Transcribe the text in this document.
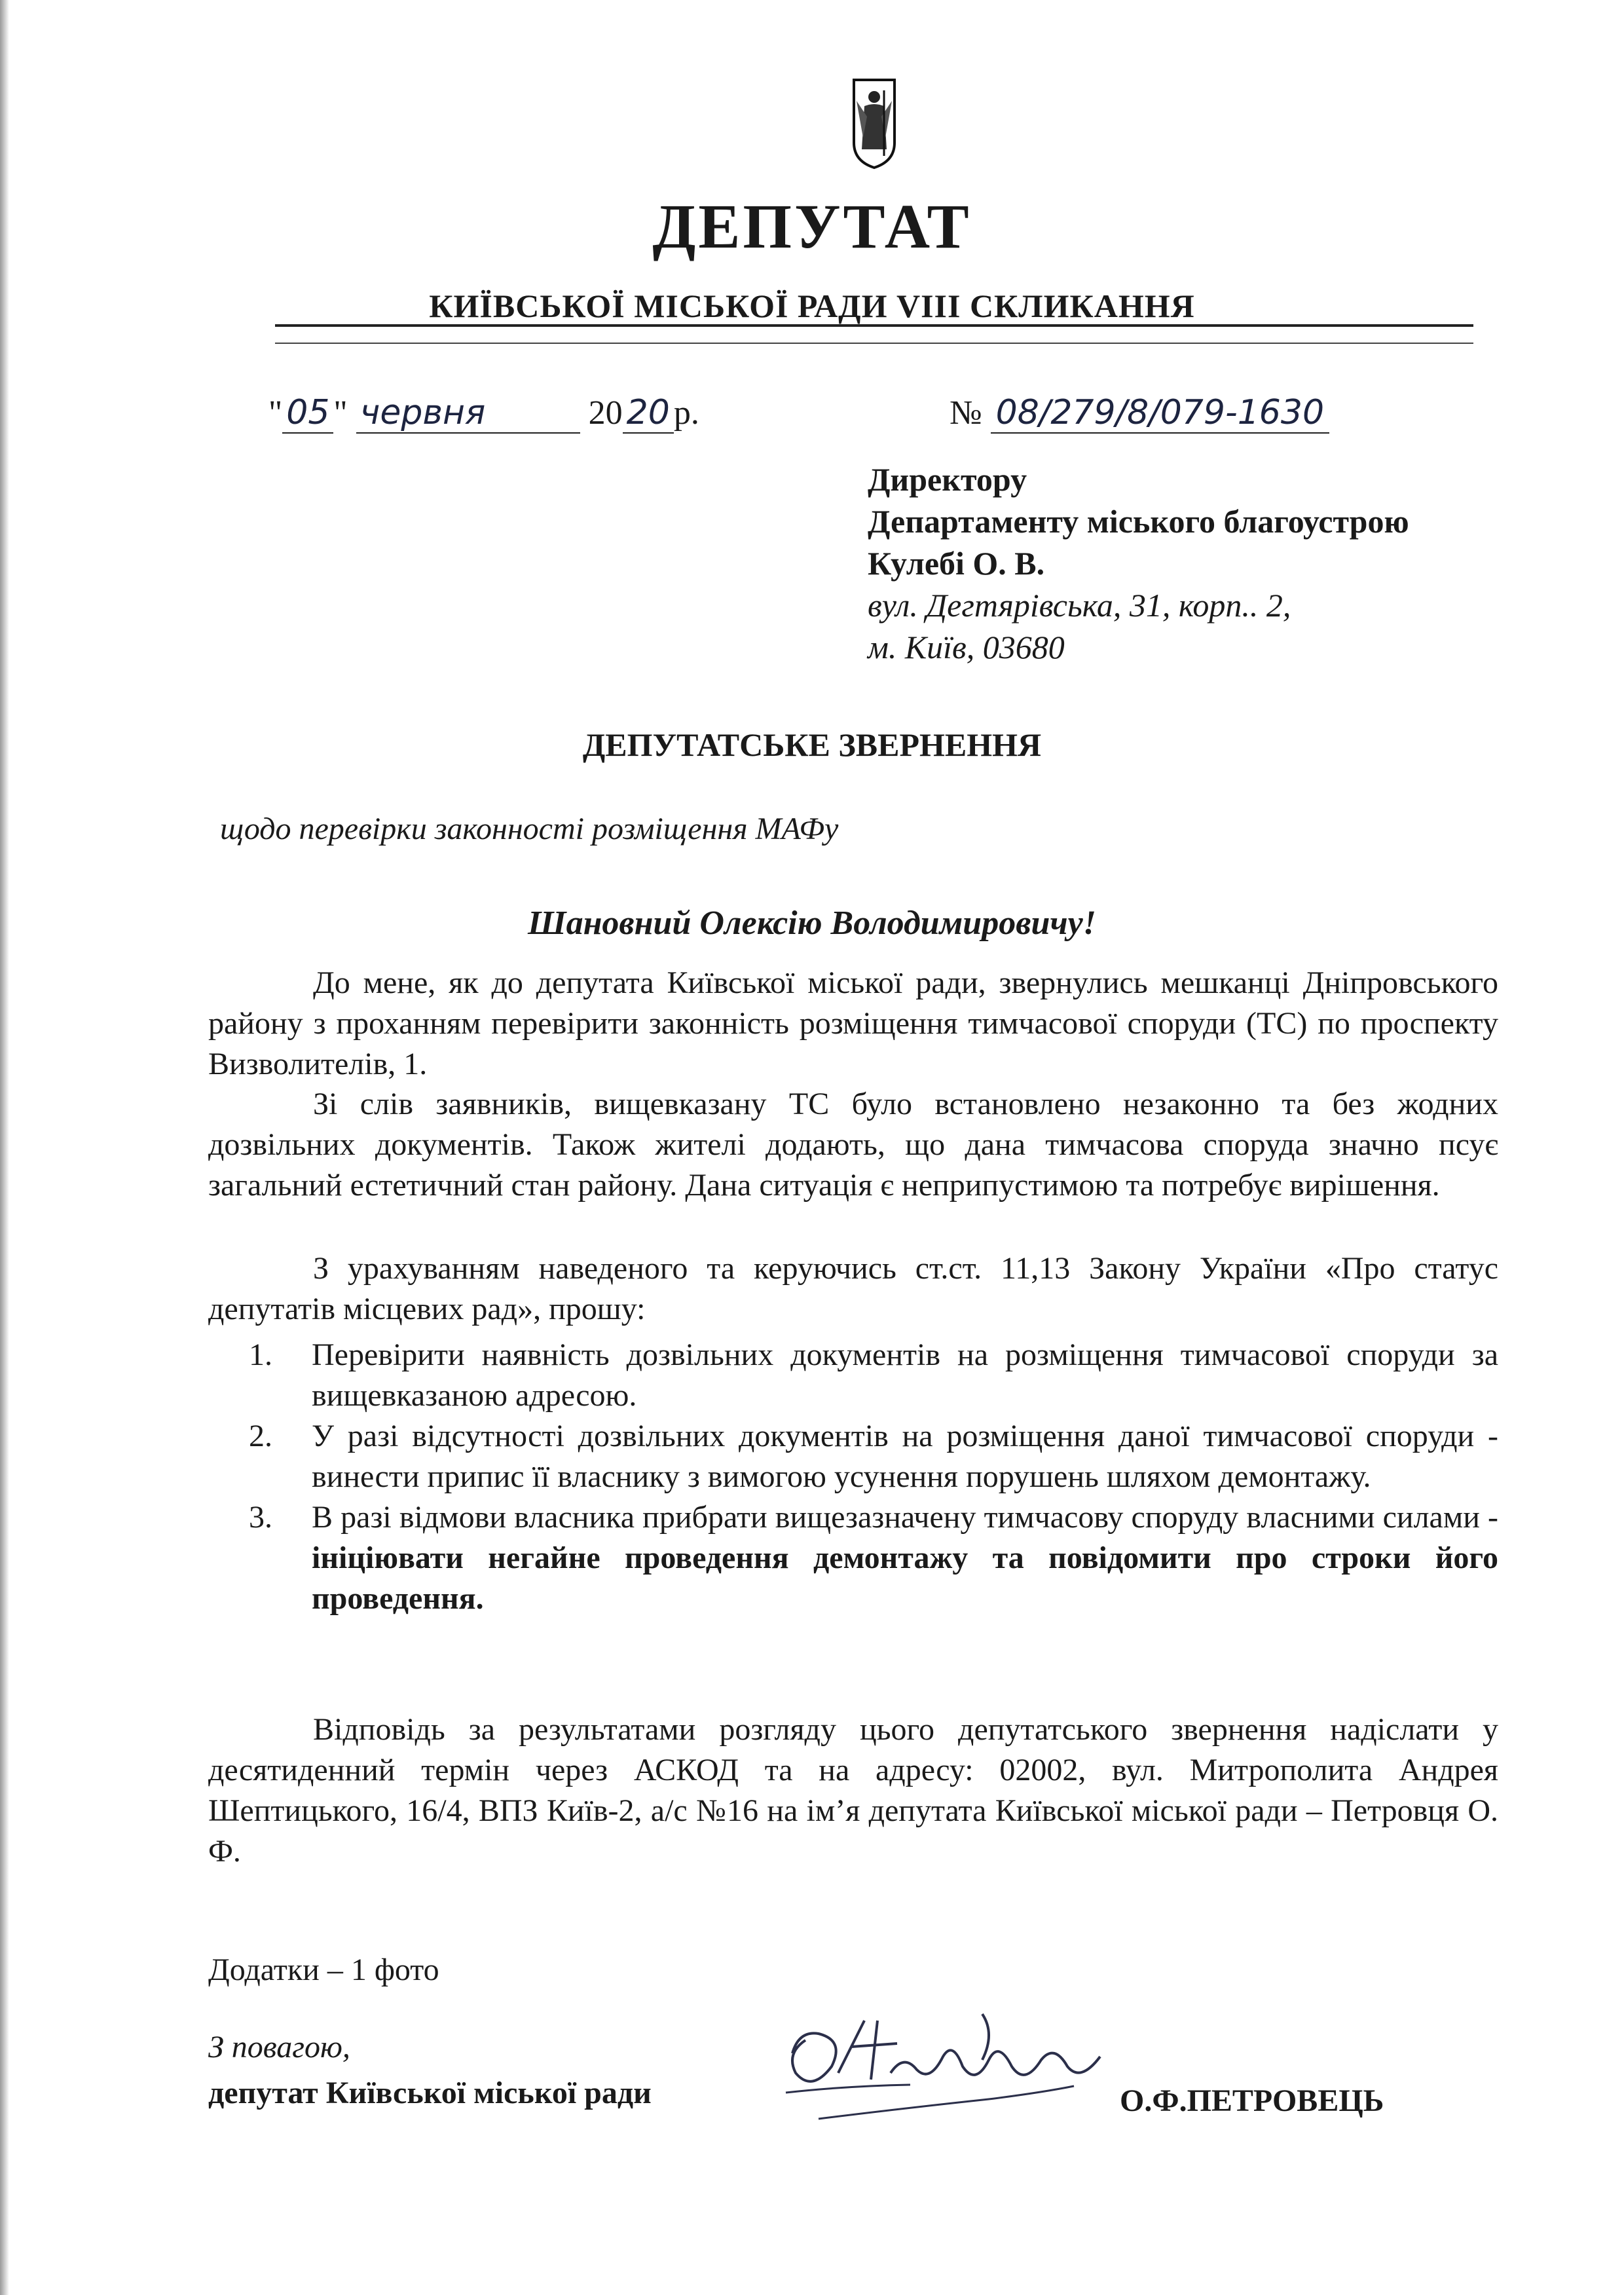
ДЕПУТАТ
КИЇВСЬКОЇ МІСЬКОЇ РАДИ VIII СКЛИКАННЯ
" 05 " червня	20 20 р.	№ 08/279/8/079-1630
Директору
Департаменту міського благоустрою
Кулебі О. В.
вул. Дегтярівська, 31, корп.. 2,
м. Київ, 03680
ДЕПУТАТСЬКЕ ЗВЕРНЕННЯ
щодо перевірки законності розміщення МАФу
Шановний Олексію Володимировичу!
До мене, як до депутата Київської міської ради, звернулись мешканці Дніпровського району з проханням перевірити законність розміщення тимчасової споруди (ТС) по проспекту Визволителів, 1.
Зі слів заявників, вищевказану ТС було встановлено незаконно та без жодних дозвільних документів. Також жителі додають, що дана тимчасова споруда значно псує загальний естетичний стан району. Дана ситуація є неприпустимою та потребує вирішення.
З урахуванням наведеного та керуючись ст.ст. 11,13 Закону України «Про статус депутатів місцевих рад», прошу:
1.	Перевірити наявність дозвільних документів на розміщення тимчасової споруди за вищевказаною адресою.
2.	У разі відсутності дозвільних документів на розміщення даної тимчасової споруди - винести припис її власнику з вимогою усунення порушень шляхом демонтажу.
3.	В разі відмови власника прибрати вищезазначену тимчасову споруду власними силами - ініціювати негайне проведення демонтажу та повідомити про строки його проведення.
Відповідь за результатами розгляду цього депутатського звернення надіслати у десятиденний термін через АСКОД та на адресу: 02002, вул. Митрополита Андрея Шептицького, 16/4, ВПЗ Київ-2, а/с №16 на ім’я депутата Київської міської ради – Петровця О. Ф.
Додатки – 1 фото
З повагою,
депутат Київської міської ради	О.Ф.ПЕТРОВЕЦЬ
